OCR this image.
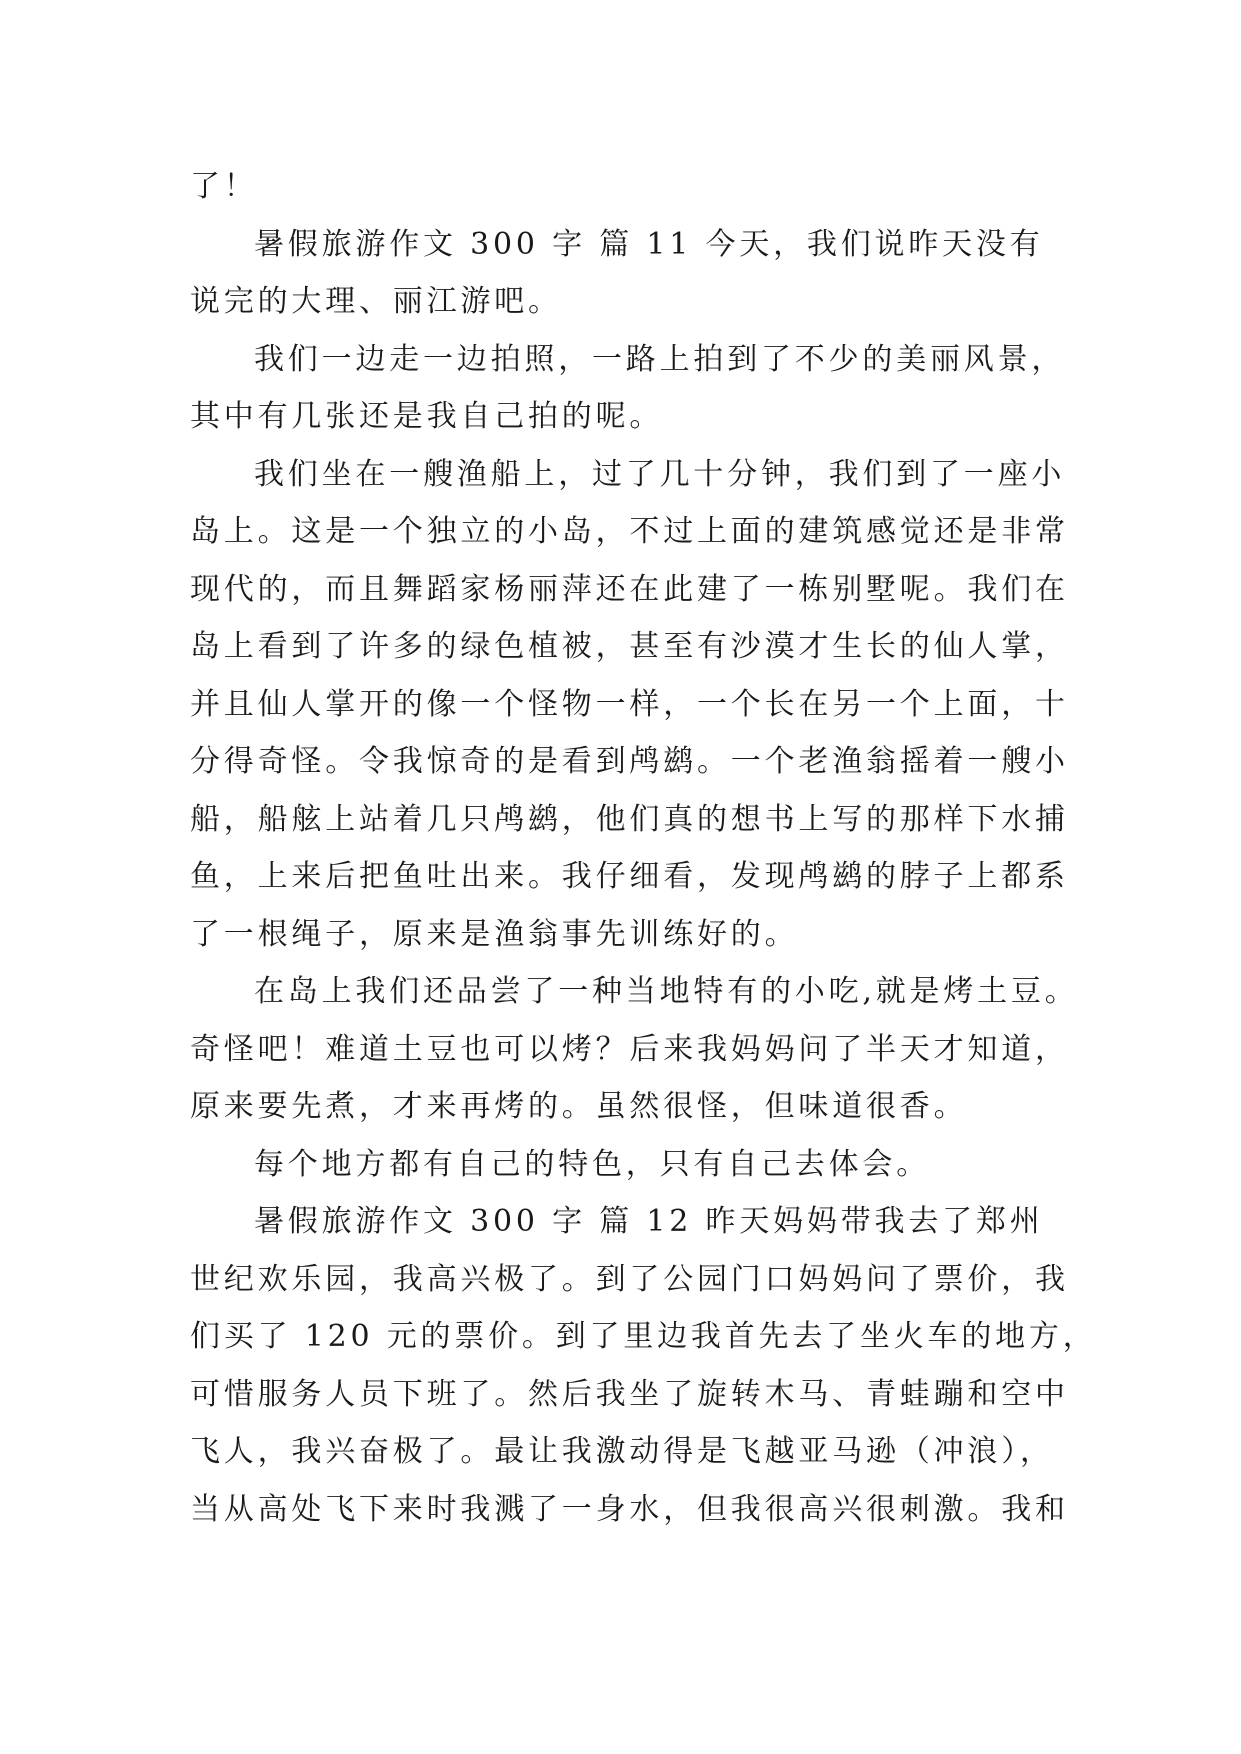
了！
暑假旅游作文 300 字 篇 11 今天，我们说昨天没有
说完的大理、丽江游吧。
我们一边走一边拍照，一路上拍到了不少的美丽风景，
其中有几张还是我自己拍的呢。
我们坐在一艘渔船上，过了几十分钟，我们到了一座小
岛上。这是一个独立的小岛，不过上面的建筑感觉还是非常
现代的，而且舞蹈家杨丽萍还在此建了一栋别墅呢。我们在
岛上看到了许多的绿色植被，甚至有沙漠才生长的仙人掌，
并且仙人掌开的像一个怪物一样，一个长在另一个上面，十
分得奇怪。令我惊奇的是看到鸬鹚。一个老渔翁摇着一艘小
船，船舷上站着几只鸬鹚，他们真的想书上写的那样下水捕
鱼，上来后把鱼吐出来。我仔细看，发现鸬鹚的脖子上都系
了一根绳子，原来是渔翁事先训练好的。
在岛上我们还品尝了一种当地特有的小吃,就是烤土豆。
奇怪吧！难道土豆也可以烤？后来我妈妈问了半天才知道，
原来要先煮，才来再烤的。虽然很怪，但味道很香。
每个地方都有自己的特色，只有自己去体会。
暑假旅游作文 300 字 篇 12 昨天妈妈带我去了郑州
世纪欢乐园，我高兴极了。到了公园门口妈妈问了票价，我
们买了 120 元的票价。到了里边我首先去了坐火车的地方，
可惜服务人员下班了。然后我坐了旋转木马、青蛙蹦和空中
飞人，我兴奋极了。最让我激动得是飞越亚马逊（冲浪），
当从高处飞下来时我溅了一身水，但我很高兴很刺激。我和
